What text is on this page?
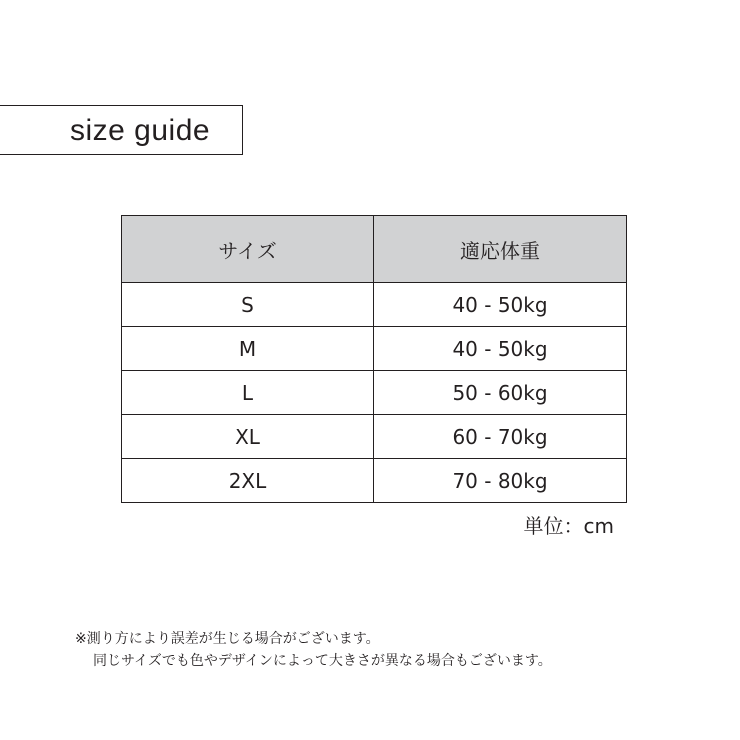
size guide
サイズ	適応体重
S	40 - 50kg
M	40 - 50kg
L	50 - 60kg
XL	60 - 70kg
2XL	70 - 80kg
単位：cm
※測り方により誤差が生じる場合がございます。
同じサイズでも色やデザインによって大きさが異なる場合もございます。
